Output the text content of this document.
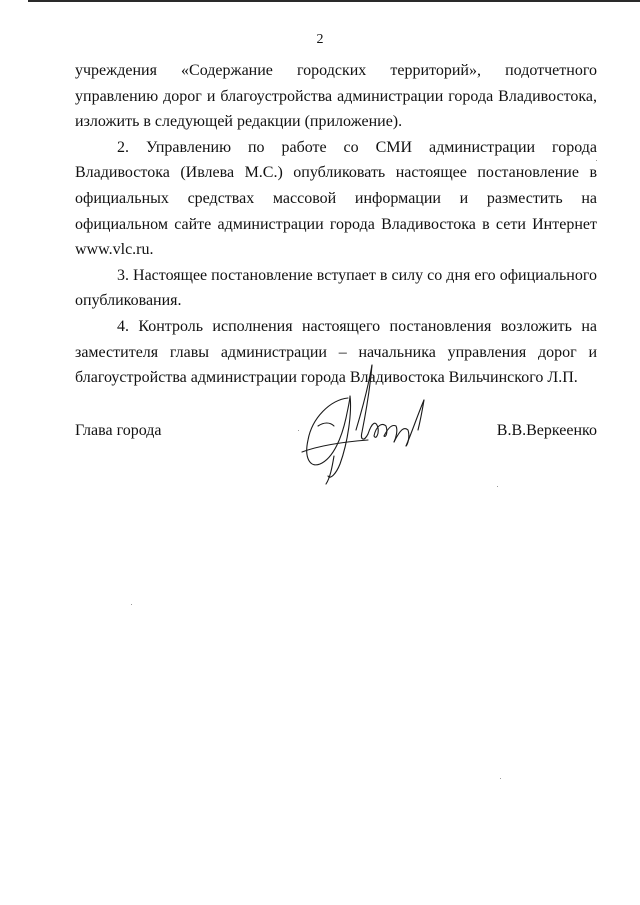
2

учреждения «Содержание городских территорий», подотчетного управлению дорог и благоустройства администрации города Владивостока, изложить в следующей редакции (приложение).

2. Управлению по работе со СМИ администрации города Владивостока (Ивлева М.С.) опубликовать настоящее постановление в официальных средствах массовой информации и разместить на официальном сайте администрации города Владивостока в сети Интернет www.vlc.ru.

3. Настоящее постановление вступает в силу со дня его официального опубликования.

4. Контроль исполнения настоящего постановления возложить на заместителя главы администрации – начальника управления дорог и благоустройства администрации города Владивостока Вильчинского Л.П.

Глава города	В.В.Веркеенко
